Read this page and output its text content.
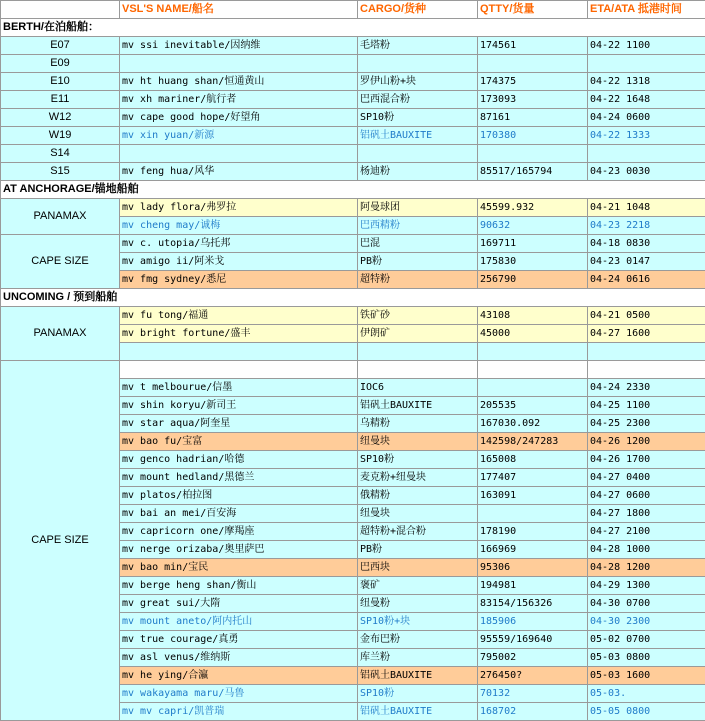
	VSL'S NAME/船名	CARGO/货种	QTTY/货量	ETA/ATA 抵港时间
BERTH/在泊船舶：				
E07	mv ssi inevitable/因纳维	毛塔粉	174561	04-22 1100
E09				
E10	mv ht huang shan/恒通黄山	罗伊山粉+块	174375	04-22 1318
E11	mv xh mariner/航行者	巴西混合粉	173093	04-22 1648
W12	mv cape good hope/好望角	SP10粉	87161	04-24 0600
W19	mv xin yuan/新源	铝矾土BAUXITE	170380	04-22 1333
S14				
S15	mv feng hua/风华	杨迪粉	85517/165794	04-23 0030
AT ANCHORAGE/锚地船舶				
PANAMAX	mv lady flora/弗罗拉	阿曼球团	45599.932	04-21 1048
	mv cheng may/诚梅	巴西精粉	90632	04-23 2218
CAPE SIZE	mv c. utopia/乌托邦	巴混	169711	04-18 0830
	mv amigo ii/阿米戈	PB粉	175830	04-23 0147
	mv fmg sydney/悉尼	超特粉	256790	04-24 0616
UNCOMING / 预到船舶				
PANAMAX	mv fu tong/福通	铁矿砂	43108	04-21 0500
	mv bright fortune/盛丰	伊朗矿	45000	04-27 1600

CAPE SIZE				
	mv t melbourue/信墨	IOC6		04-24 2330
	mv shin koryu/新司王	铝矾土BAUXITE	205535	04-25 1100
	mv star aqua/阿奎星	乌精粉	167030.092	04-25 2300
	mv bao fu/宝富	纽曼块	142598/247283	04-26 1200
	mv genco hadrian/哈德	SP10粉	165008	04-26 1700
	mv mount hedland/黑德兰	麦克粉+纽曼块	177407	04-27 0400
	mv platos/柏拉图	俄精粉	163091	04-27 0600
	mv bai an mei/百安海	纽曼块		04-27 1800
	mv capricorn one/摩羯座	超特粉+混合粉	178190	04-27 2100
	mv nerge orizaba/奥里萨巴	PB粉	166969	04-28 1000
	mv bao min/宝民	巴西块	95306	04-28 1200
	mv berge heng shan/衡山	褒矿	194981	04-29 1300
	mv great sui/大隋	纽曼粉	83154/156326	04-30 0700
	mv mount aneto/阿内托山	SP10粉+块	185906	04-30 2300
	mv true courage/真勇	金布巴粉	95559/169640	05-02 0700
	mv asl venus/维纳斯	库兰粉	795002	05-03 0800
	mv he ying/合瀛	铝矾土BAUXITE	276450?	05-03 1600
	mv wakayama maru/马鲁	SP10粉	70132	05-03.
	mv mv capri/凯普瑞	铝矾土BAUXITE	168702	05-05 0800
